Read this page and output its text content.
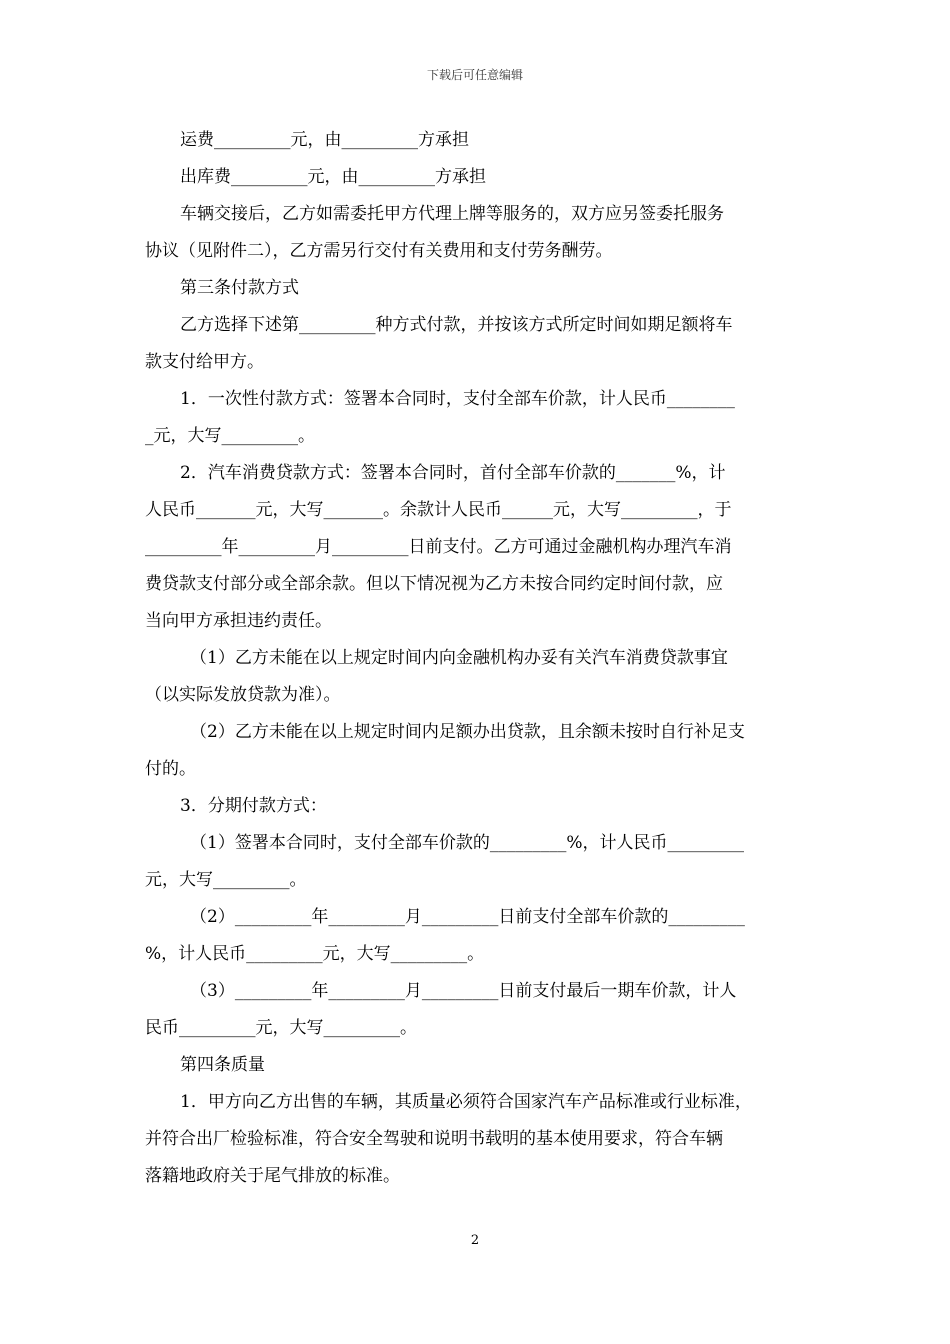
下载后可任意编辑

运费_________元，由_________方承担

出库费_________元，由_________方承担

车辆交接后，乙方如需委托甲方代理上牌等服务的，双方应另签委托服务

协议（见附件二），乙方需另行交付有关费用和支付劳务酬劳。

第三条付款方式

乙方选择下述第_________种方式付款，并按该方式所定时间如期足额将车

款支付给甲方。

1．一次性付款方式：签署本合同时，支付全部车价款，计人民币________

_元，大写_________。

2．汽车消费贷款方式：签署本合同时，首付全部车价款的_______%，计

人民币_______元，大写_______。余款计人民币______元，大写_________，于

_________年_________月_________日前支付。乙方可通过金融机构办理汽车消

费贷款支付部分或全部余款。但以下情况视为乙方未按合同约定时间付款，应

当向甲方承担违约责任。

（1）乙方未能在以上规定时间内向金融机构办妥有关汽车消费贷款事宜

（以实际发放贷款为准）。

（2）乙方未能在以上规定时间内足额办出贷款，且余额未按时自行补足支

付的。

3．分期付款方式：

（1）签署本合同时，支付全部车价款的_________%，计人民币_________

元，大写_________。

（2）_________年_________月_________日前支付全部车价款的_________

%，计人民币_________元，大写_________。

（3）_________年_________月_________日前支付最后一期车价款，计人

民币_________元，大写_________。

第四条质量

1．甲方向乙方出售的车辆，其质量必须符合国家汽车产品标准或行业标准，

并符合出厂检验标准，符合安全驾驶和说明书载明的基本使用要求，符合车辆

落籍地政府关于尾气排放的标准。

2
